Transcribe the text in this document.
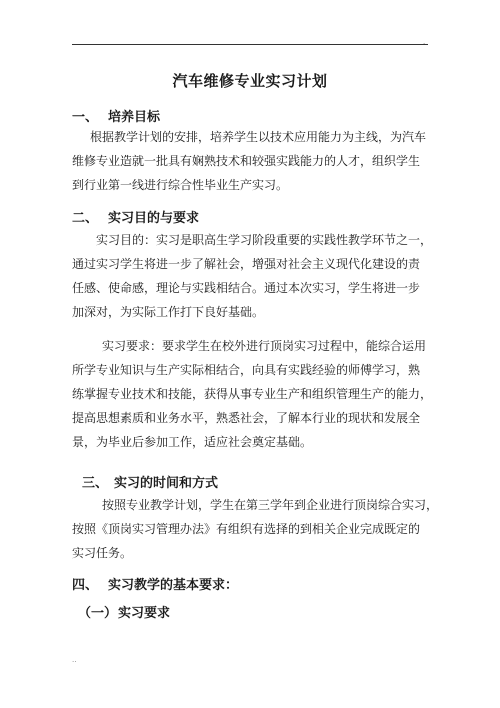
.
汽车维修专业实习计划
一、 培养目标
根据教学计划的安排，培养学生以技术应用能力为主线，为汽车
维修专业造就一批具有娴熟技术和较强实践能力的人才，组织学生
到行业第一线进行综合性毕业生产实习。
二、 实习目的与要求
实习目的：实习是职高生学习阶段重要的实践性教学环节之一，
通过实习学生将进一步了解社会，增强对社会主义现代化建设的责
任感、使命感，理论与实践相结合。通过本次实习，学生将进一步
加深对，为实际工作打下良好基础。
实习要求：要求学生在校外进行顶岗实习过程中，能综合运用
所学专业知识与生产实际相结合，向具有实践经验的师傅学习，熟
练掌握专业技术和技能，获得从事专业生产和组织管理生产的能力，
提高思想素质和业务水平，熟悉社会，了解本行业的现状和发展全
景，为毕业后参加工作，适应社会奠定基础。
三、 实习的时间和方式
按照专业教学计划，学生在第三学年到企业进行顶岗综合实习，
按照《顶岗实习管理办法》有组织有选择的到相关企业完成既定的
实习任务。
四、 实习教学的基本要求：
（一）实习要求
..
